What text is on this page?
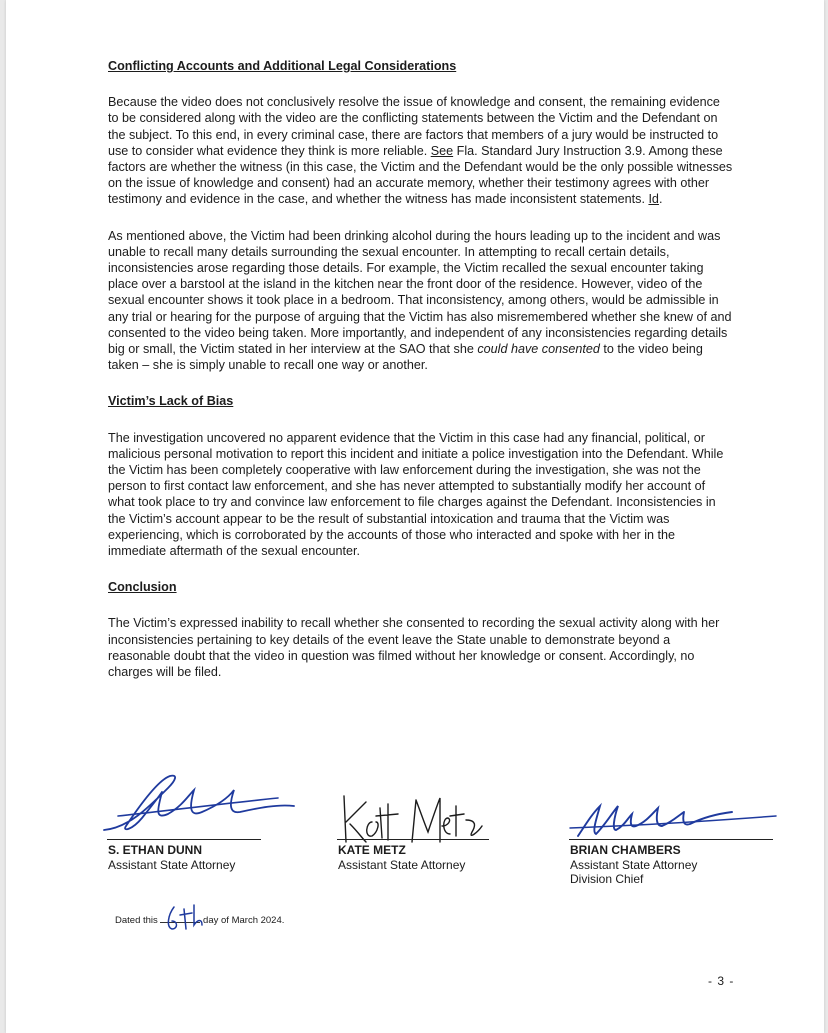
Conflicting Accounts and Additional Legal Considerations

Because the video does not conclusively resolve the issue of knowledge and consent, the remaining evidence to be considered along with the video are the conflicting statements between the Victim and the Defendant on the subject. To this end, in every criminal case, there are factors that members of a jury would be instructed to use to consider what evidence they think is more reliable. See Fla. Standard Jury Instruction 3.9. Among these factors are whether the witness (in this case, the Victim and the Defendant would be the only possible witnesses on the issue of knowledge and consent) had an accurate memory, whether their testimony agrees with other testimony and evidence in the case, and whether the witness has made inconsistent statements. Id.

As mentioned above, the Victim had been drinking alcohol during the hours leading up to the incident and was unable to recall many details surrounding the sexual encounter. In attempting to recall certain details, inconsistencies arose regarding those details. For example, the Victim recalled the sexual encounter taking place over a barstool at the island in the kitchen near the front door of the residence. However, video of the sexual encounter shows it took place in a bedroom. That inconsistency, among others, would be admissible in any trial or hearing for the purpose of arguing that the Victim has also misremembered whether she knew of and consented to the video being taken. More importantly, and independent of any inconsistencies regarding details big or small, the Victim stated in her interview at the SAO that she could have consented to the video being taken – she is simply unable to recall one way or another.

Victim’s Lack of Bias

The investigation uncovered no apparent evidence that the Victim in this case had any financial, political, or malicious personal motivation to report this incident and initiate a police investigation into the Defendant. While the Victim has been completely cooperative with law enforcement during the investigation, she was not the person to first contact law enforcement, and she has never attempted to substantially modify her account of what took place to try and convince law enforcement to file charges against the Defendant. Inconsistencies in the Victim’s account appear to be the result of substantial intoxication and trauma that the Victim was experiencing, which is corroborated by the accounts of those who interacted and spoke with her in the immediate aftermath of the sexual encounter.

Conclusion

The Victim’s expressed inability to recall whether she consented to recording the sexual activity along with her inconsistencies pertaining to key details of the event leave the State unable to demonstrate beyond a reasonable doubt that the video in question was filmed without her knowledge or consent. Accordingly, no charges will be filed.

S. ETHAN DUNN
Assistant State Attorney
KATE METZ
Assistant State Attorney
BRIAN CHAMBERS
Assistant State Attorney
Division Chief
Dated this	day of March 2024.
- 3 -
